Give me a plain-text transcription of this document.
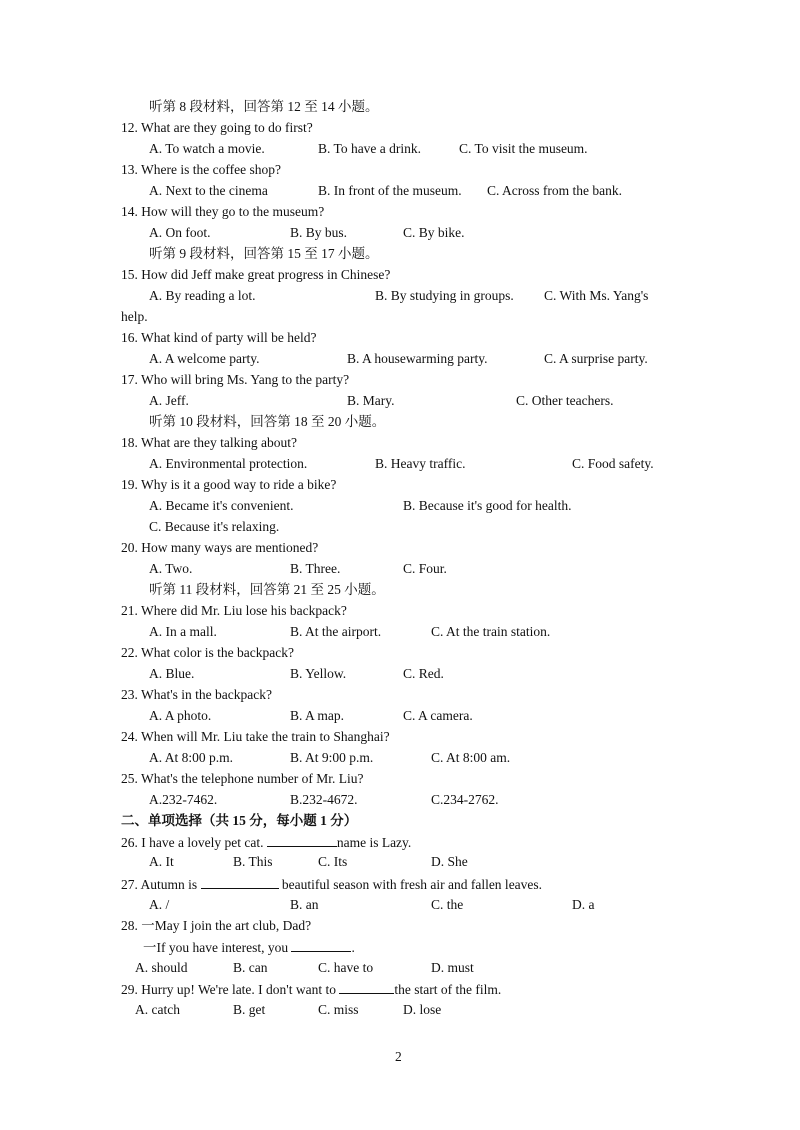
听第 8 段材料，回答第 12 至 14 小题。
12. What are they going to do first?
A. To watch a movie.	B. To have a drink.	C. To visit the museum.
13. Where is the coffee shop?
A. Next to the cinema	B. In front of the museum. C. Across from the bank.
14. How will they go to the museum?
A. On foot.	B. By bus.	C. By bike.
听第 9 段材料，回答第 15 至 17 小题。
15. How did Jeff make great progress in Chinese?
A. By reading a lot.	B. By studying in groups. C. With Ms. Yang's
help.
16. What kind of party will be held?
A. A welcome party.	B. A housewarming party.	C. A surprise party.
17. Who will bring Ms. Yang to the party?
A. Jeff.	B. Mary.	C. Other teachers.
听第 10 段材料，回答第 18 至 20 小题。
18. What are they talking about?
A. Environmental protection.	B. Heavy traffic.	C. Food safety.
19. Why is it a good way to ride a bike?
A. Became it's convenient.	B. Because it's good for health.
C. Because it's relaxing.
20. How many ways are mentioned?
A. Two.	B. Three.	C. Four.
听第 11 段材料，回答第 21 至 25 小题。
21. Where did Mr. Liu lose his backpack?
A. In a mall.	B. At the airport.	C. At the train station.
22. What color is the backpack?
A. Blue.	B. Yellow.	C. Red.
23. What's in the backpack?
A. A photo.	B. A map.	C. A camera.
24. When will Mr. Liu take the train to Shanghai?
A. At 8:00 p.m.	B. At 9:00 p.m.	C. At 8:00 am.
25. What's the telephone number of Mr. Liu?
A.232-7462.	B.232-4672.	C.234-2762.
二、单项选择（共 15 分，每小题 1 分）
26. I have a lovely pet cat.	name is Lazy.
A. It	B. This	C. Its	D. She
27. Autumn is	beautiful season with fresh air and fallen leaves.
A. /	B. an	C. the	D. a
28. 一May I join the art club, Dad?
一If you have interest, you	.
A. should	B. can	C. have to	D. must
29. Hurry up! We're late. I don't want to	the start of the film.
A. catch	B. get	C. miss	D. lose
2
